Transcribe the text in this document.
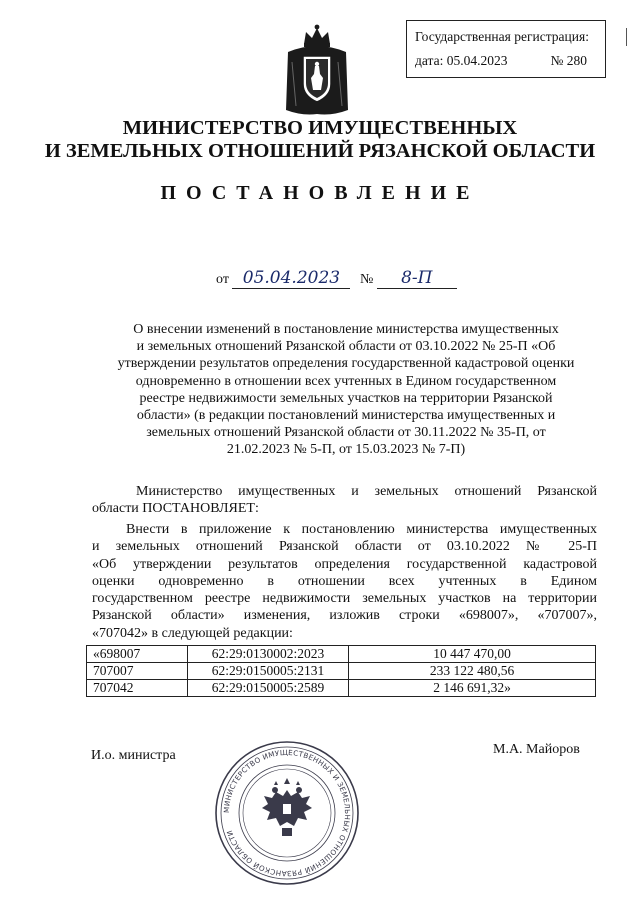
Государственная регистрация:
дата: 05.04.2023	№ 280
МИНИСТЕРСТВО ИМУЩЕСТВЕННЫХ
И ЗЕМЕЛЬНЫХ ОТНОШЕНИЙ РЯЗАНСКОЙ ОБЛАСТИ
ПОСТАНОВЛЕНИЕ
от 05.04.2023 № 8-П
О внесении изменений в постановление министерства имущественных
и земельных отношений Рязанской области от 03.10.2022 № 25-П «Об
утверждении результатов определения государственной кадастровой оценки
одновременно в отношении всех учтенных в Едином государственном
реестре недвижимости земельных участков на территории Рязанской
области» (в редакции постановлений министерства имущественных и
земельных отношений Рязанской области от 30.11.2022 № 35-П, от
21.02.2023 № 5-П, от 15.03.2023 № 7-П)
Министерство имущественных и земельных отношений Рязанской
области ПОСТАНОВЛЯЕТ:
Внести в приложение к постановлению министерства имущественных
и земельных отношений Рязанской области от 03.10.2022 № 25-П
«Об утверждении результатов определения государственной кадастровой
оценки одновременно в отношении всех учтенных в Едином
государственном реестре недвижимости земельных участков на территории
Рязанской области» изменения, изложив строки «698007», «707007»,
«707042» в следующей редакции:
«698007	62:29:0130002:2023	10 447 470,00
707007	62:29:0150005:2131	233 122 480,56
707042	62:29:0150005:2589	2 146 691,32»
И.о. министра	М.А. Майоров
МИНИСТЕРСТВО ИМУЩЕСТВЕННЫХ И ЗЕМЕЛЬНЫХ ОТНОШЕНИЙ РЯЗАНСКОЙ ОБЛАСТИ
